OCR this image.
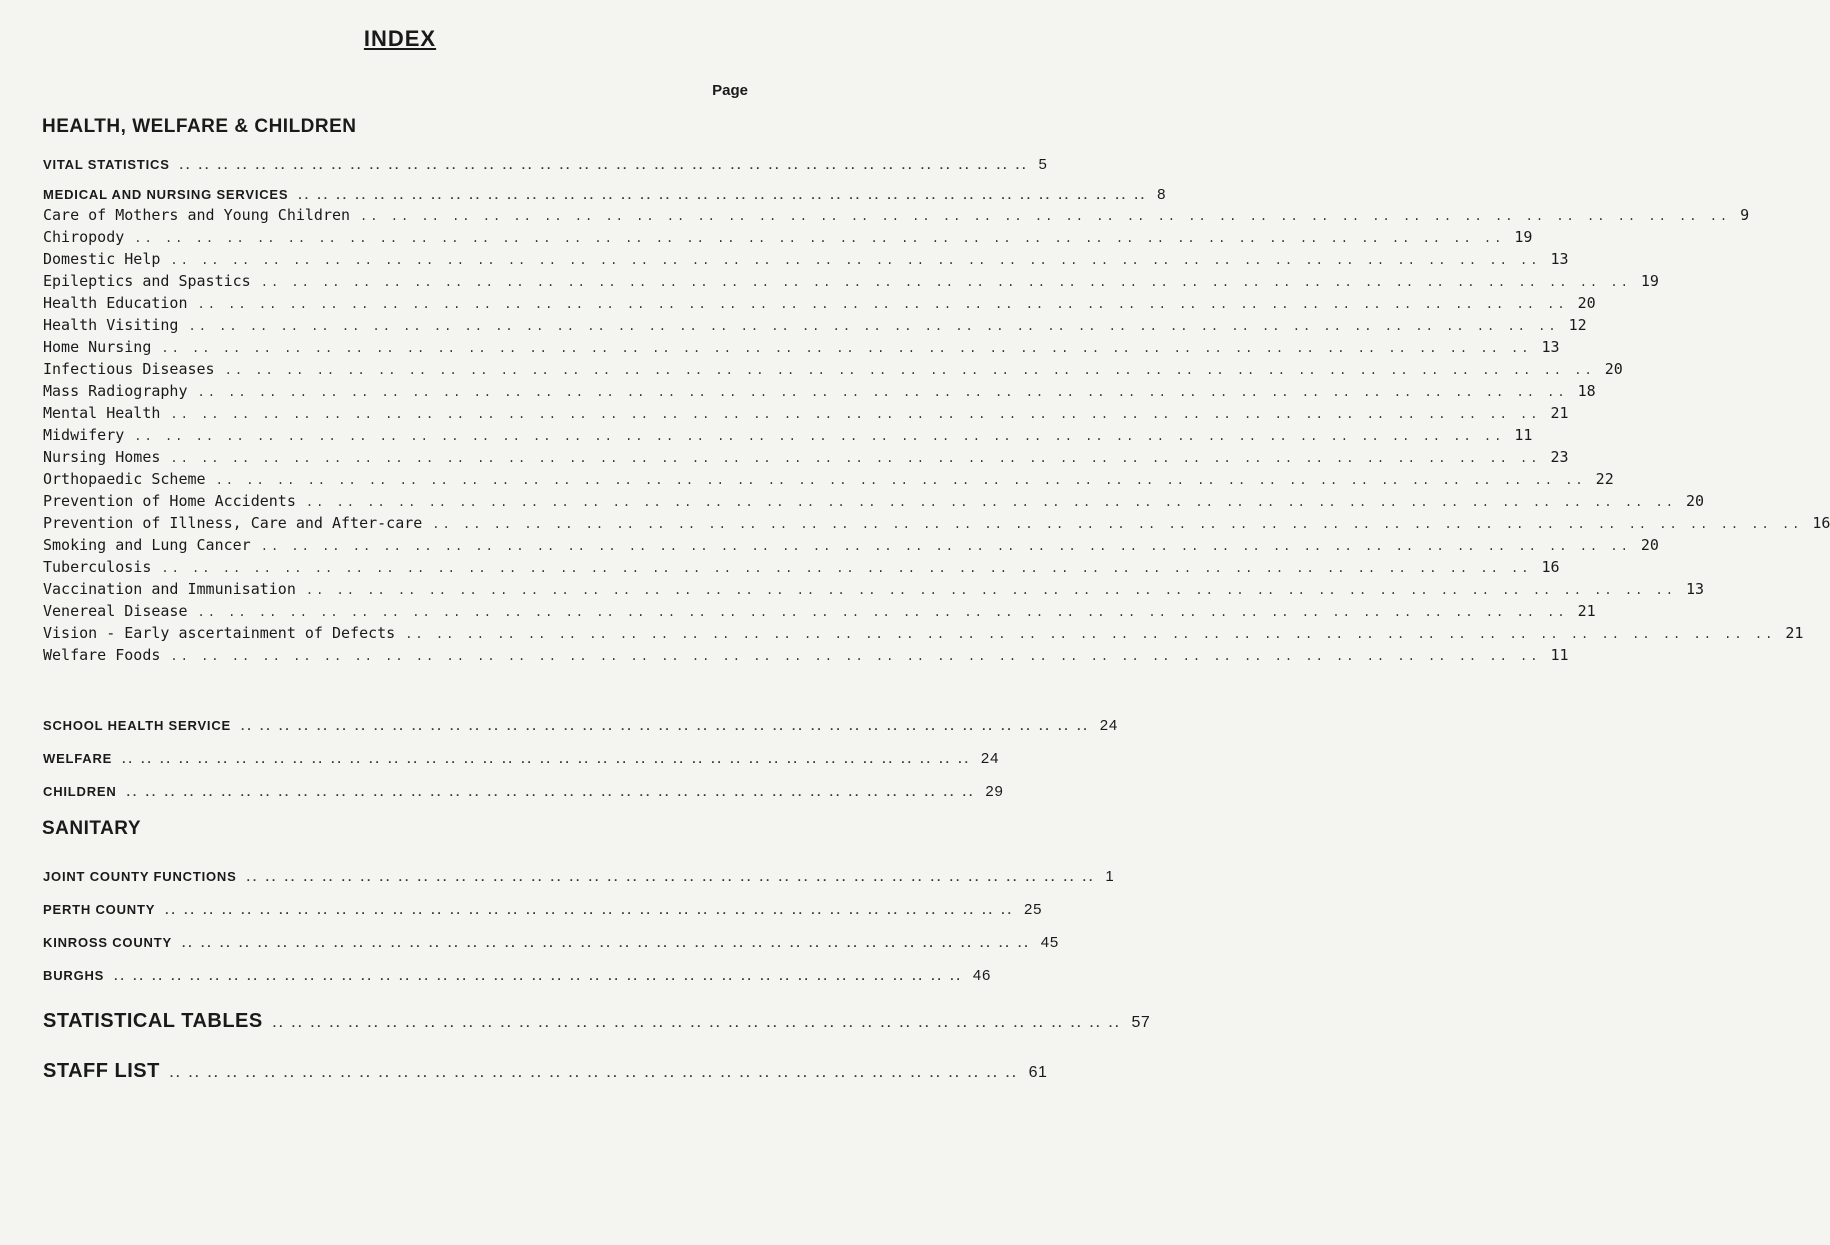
INDEX
Page
HEALTH, WELFARE & CHILDREN
VITAL STATISTICS .. .. .. .. .. .. .. .. .. .. .. .. .. .. .. .. .. .. .. .. .. .. .. .. .. .. .. .. .. .. .. .. .. .. .. .. .. .. .. .. .. .. .. .. .. 5
MEDICAL AND NURSING SERVICES .. .. .. .. .. .. .. .. .. .. .. .. .. .. .. .. .. .. .. .. .. .. .. .. .. .. .. .. .. .. .. .. .. .. .. .. .. .. .. .. .. .. .. .. .. 8
Care of Mothers and Young Children .. .. .. .. .. .. .. .. .. .. .. .. .. .. .. .. .. .. .. .. .. .. .. .. .. .. .. .. .. .. .. .. .. .. .. .. .. .. .. .. .. .. .. .. .. 9
Chiropody .. .. .. .. .. .. .. .. .. .. .. .. .. .. .. .. .. .. .. .. .. .. .. .. .. .. .. .. .. .. .. .. .. .. .. .. .. .. .. .. .. .. .. .. .. 19
Domestic Help .. .. .. .. .. .. .. .. .. .. .. .. .. .. .. .. .. .. .. .. .. .. .. .. .. .. .. .. .. .. .. .. .. .. .. .. .. .. .. .. .. .. .. .. .. 13
Epileptics and Spastics .. .. .. .. .. .. .. .. .. .. .. .. .. .. .. .. .. .. .. .. .. .. .. .. .. .. .. .. .. .. .. .. .. .. .. .. .. .. .. .. .. .. .. .. .. 19
Health Education .. .. .. .. .. .. .. .. .. .. .. .. .. .. .. .. .. .. .. .. .. .. .. .. .. .. .. .. .. .. .. .. .. .. .. .. .. .. .. .. .. .. .. .. .. 20
Health Visiting .. .. .. .. .. .. .. .. .. .. .. .. .. .. .. .. .. .. .. .. .. .. .. .. .. .. .. .. .. .. .. .. .. .. .. .. .. .. .. .. .. .. .. .. .. 12
Home Nursing .. .. .. .. .. .. .. .. .. .. .. .. .. .. .. .. .. .. .. .. .. .. .. .. .. .. .. .. .. .. .. .. .. .. .. .. .. .. .. .. .. .. .. .. .. 13
Infectious Diseases .. .. .. .. .. .. .. .. .. .. .. .. .. .. .. .. .. .. .. .. .. .. .. .. .. .. .. .. .. .. .. .. .. .. .. .. .. .. .. .. .. .. .. .. .. 20
Mass Radiography .. .. .. .. .. .. .. .. .. .. .. .. .. .. .. .. .. .. .. .. .. .. .. .. .. .. .. .. .. .. .. .. .. .. .. .. .. .. .. .. .. .. .. .. .. 18
Mental Health .. .. .. .. .. .. .. .. .. .. .. .. .. .. .. .. .. .. .. .. .. .. .. .. .. .. .. .. .. .. .. .. .. .. .. .. .. .. .. .. .. .. .. .. .. 21
Midwifery .. .. .. .. .. .. .. .. .. .. .. .. .. .. .. .. .. .. .. .. .. .. .. .. .. .. .. .. .. .. .. .. .. .. .. .. .. .. .. .. .. .. .. .. .. 11
Nursing Homes .. .. .. .. .. .. .. .. .. .. .. .. .. .. .. .. .. .. .. .. .. .. .. .. .. .. .. .. .. .. .. .. .. .. .. .. .. .. .. .. .. .. .. .. .. 23
Orthopaedic Scheme .. .. .. .. .. .. .. .. .. .. .. .. .. .. .. .. .. .. .. .. .. .. .. .. .. .. .. .. .. .. .. .. .. .. .. .. .. .. .. .. .. .. .. .. .. 22
Prevention of Home Accidents .. .. .. .. .. .. .. .. .. .. .. .. .. .. .. .. .. .. .. .. .. .. .. .. .. .. .. .. .. .. .. .. .. .. .. .. .. .. .. .. .. .. .. .. .. 20
Prevention of Illness, Care and After-care .. .. .. .. .. .. .. .. .. .. .. .. .. .. .. .. .. .. .. .. .. .. .. .. .. .. .. .. .. .. .. .. .. .. .. .. .. .. .. .. .. .. .. .. .. 16
Smoking and Lung Cancer .. .. .. .. .. .. .. .. .. .. .. .. .. .. .. .. .. .. .. .. .. .. .. .. .. .. .. .. .. .. .. .. .. .. .. .. .. .. .. .. .. .. .. .. .. 20
Tuberculosis .. .. .. .. .. .. .. .. .. .. .. .. .. .. .. .. .. .. .. .. .. .. .. .. .. .. .. .. .. .. .. .. .. .. .. .. .. .. .. .. .. .. .. .. .. 16
Vaccination and Immunisation .. .. .. .. .. .. .. .. .. .. .. .. .. .. .. .. .. .. .. .. .. .. .. .. .. .. .. .. .. .. .. .. .. .. .. .. .. .. .. .. .. .. .. .. .. 13
Venereal Disease .. .. .. .. .. .. .. .. .. .. .. .. .. .. .. .. .. .. .. .. .. .. .. .. .. .. .. .. .. .. .. .. .. .. .. .. .. .. .. .. .. .. .. .. .. 21
Vision - Early ascertainment of Defects .. .. .. .. .. .. .. .. .. .. .. .. .. .. .. .. .. .. .. .. .. .. .. .. .. .. .. .. .. .. .. .. .. .. .. .. .. .. .. .. .. .. .. .. .. 21
Welfare Foods .. .. .. .. .. .. .. .. .. .. .. .. .. .. .. .. .. .. .. .. .. .. .. .. .. .. .. .. .. .. .. .. .. .. .. .. .. .. .. .. .. .. .. .. .. 11
SCHOOL HEALTH SERVICE .. .. .. .. .. .. .. .. .. .. .. .. .. .. .. .. .. .. .. .. .. .. .. .. .. .. .. .. .. .. .. .. .. .. .. .. .. .. .. .. .. .. .. .. .. 24
WELFARE .. .. .. .. .. .. .. .. .. .. .. .. .. .. .. .. .. .. .. .. .. .. .. .. .. .. .. .. .. .. .. .. .. .. .. .. .. .. .. .. .. .. .. .. .. 24
CHILDREN .. .. .. .. .. .. .. .. .. .. .. .. .. .. .. .. .. .. .. .. .. .. .. .. .. .. .. .. .. .. .. .. .. .. .. .. .. .. .. .. .. .. .. .. .. 29
SANITARY
JOINT COUNTY FUNCTIONS .. .. .. .. .. .. .. .. .. .. .. .. .. .. .. .. .. .. .. .. .. .. .. .. .. .. .. .. .. .. .. .. .. .. .. .. .. .. .. .. .. .. .. .. .. 1
PERTH COUNTY .. .. .. .. .. .. .. .. .. .. .. .. .. .. .. .. .. .. .. .. .. .. .. .. .. .. .. .. .. .. .. .. .. .. .. .. .. .. .. .. .. .. .. .. .. 25
KINROSS COUNTY .. .. .. .. .. .. .. .. .. .. .. .. .. .. .. .. .. .. .. .. .. .. .. .. .. .. .. .. .. .. .. .. .. .. .. .. .. .. .. .. .. .. .. .. .. 45
BURGHS .. .. .. .. .. .. .. .. .. .. .. .. .. .. .. .. .. .. .. .. .. .. .. .. .. .. .. .. .. .. .. .. .. .. .. .. .. .. .. .. .. .. .. .. .. 46
STATISTICAL TABLES .. .. .. .. .. .. .. .. .. .. .. .. .. .. .. .. .. .. .. .. .. .. .. .. .. .. .. .. .. .. .. .. .. .. .. .. .. .. .. .. .. .. .. .. .. 57
STAFF LIST .. .. .. .. .. .. .. .. .. .. .. .. .. .. .. .. .. .. .. .. .. .. .. .. .. .. .. .. .. .. .. .. .. .. .. .. .. .. .. .. .. .. .. .. .. 61
